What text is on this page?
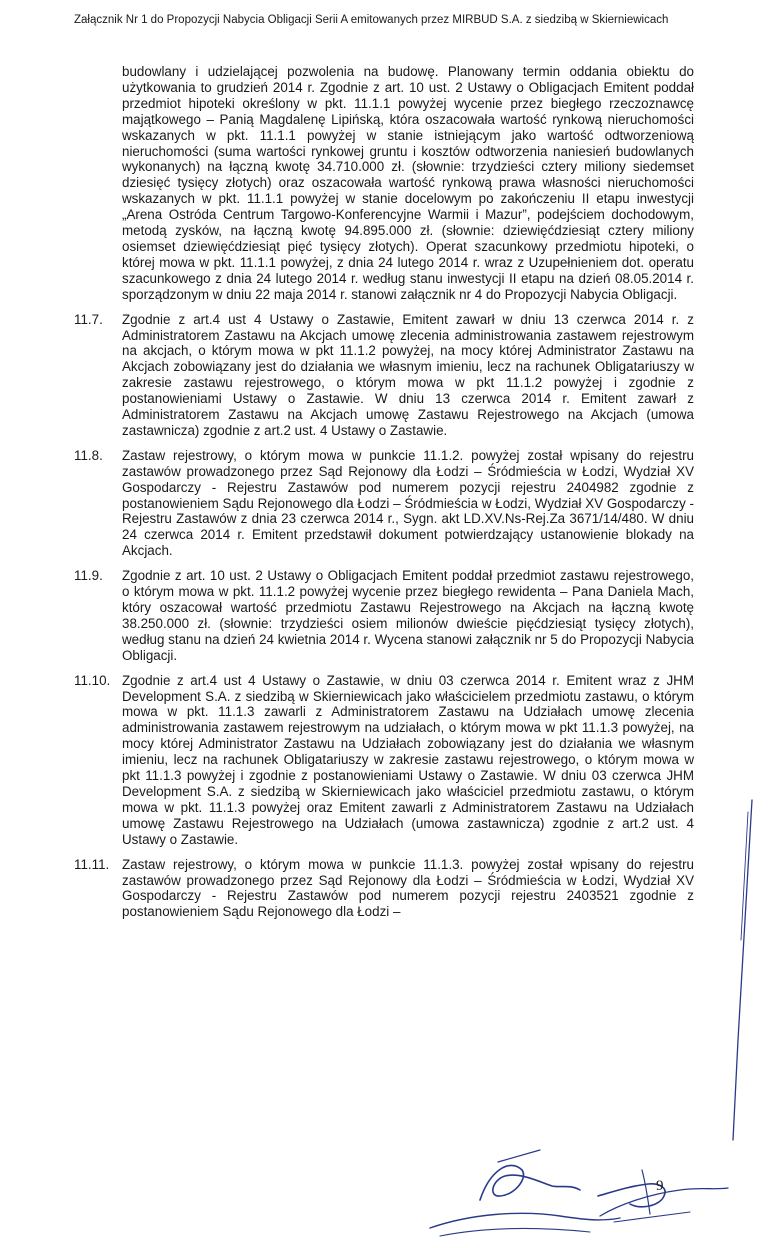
Załącznik Nr 1 do Propozycji Nabycia Obligacji Serii A emitowanych przez MIRBUD S.A. z siedzibą w Skierniewicach
budowlany i udzielającej pozwolenia na budowę. Planowany termin oddania obiektu do użytkowania to grudzień 2014 r. Zgodnie z art. 10 ust. 2 Ustawy o Obligacjach Emitent poddał przedmiot hipoteki określony w pkt. 11.1.1 powyżej wycenie przez biegłego rzeczoznawcę majątkowego – Panią Magdalenę Lipińską, która oszacowała wartość rynkową nieruchomości wskazanych w pkt. 11.1.1 powyżej w stanie istniejącym jako wartość odtworzeniową nieruchomości (suma wartości rynkowej gruntu i kosztów odtworzenia naniesień budowlanych wykonanych) na łączną kwotę 34.710.000 zł. (słownie: trzydzieści cztery miliony siedemset dziesięć tysięcy złotych) oraz oszacowała wartość rynkową prawa własności nieruchomości wskazanych w pkt. 11.1.1 powyżej w stanie docelowym po zakończeniu II etapu inwestycji „Arena Ostróda Centrum Targowo-Konferencyjne Warmii i Mazur”, podejściem dochodowym, metodą zysków, na łączną kwotę 94.895.000 zł. (słownie: dziewięćdziesiąt cztery miliony osiemset dziewięćdziesiąt pięć tysięcy złotych). Operat szacunkowy przedmiotu hipoteki, o której mowa w pkt. 11.1.1 powyżej, z dnia 24 lutego 2014 r. wraz z Uzupełnieniem dot. operatu szacunkowego z dnia 24 lutego 2014 r. według stanu inwestycji II etapu na dzień 08.05.2014 r. sporządzonym w dniu 22 maja 2014 r. stanowi załącznik nr 4 do Propozycji Nabycia Obligacji.
11.7.	Zgodnie z art.4 ust 4 Ustawy o Zastawie, Emitent zawarł w dniu 13 czerwca 2014 r. z Administratorem Zastawu na Akcjach umowę zlecenia administrowania zastawem rejestrowym na akcjach, o którym mowa w pkt 11.1.2 powyżej, na mocy której Administrator Zastawu na Akcjach zobowiązany jest do działania we własnym imieniu, lecz na rachunek Obligatariuszy w zakresie zastawu rejestrowego, o którym mowa w pkt 11.1.2 powyżej i zgodnie z postanowieniami Ustawy o Zastawie. W dniu 13 czerwca 2014 r. Emitent zawarł z Administratorem Zastawu na Akcjach umowę Zastawu Rejestrowego na Akcjach (umowa zastawnicza) zgodnie z art.2 ust. 4 Ustawy o Zastawie.
11.8.	Zastaw rejestrowy, o którym mowa w punkcie 11.1.2. powyżej został wpisany do rejestru zastawów prowadzonego przez Sąd Rejonowy dla Łodzi – Śródmieścia w Łodzi, Wydział XV Gospodarczy - Rejestru Zastawów pod numerem pozycji rejestru 2404982 zgodnie z postanowieniem Sądu Rejonowego dla Łodzi – Śródmieścia w Łodzi, Wydział XV Gospodarczy - Rejestru Zastawów z dnia 23 czerwca 2014 r., Sygn. akt LD.XV.Ns-Rej.Za 3671/14/480. W dniu 24 czerwca 2014 r. Emitent przedstawił dokument potwierdzający ustanowienie blokady na Akcjach.
11.9.	Zgodnie z art. 10 ust. 2 Ustawy o Obligacjach Emitent poddał przedmiot zastawu rejestrowego, o którym mowa w pkt. 11.1.2 powyżej wycenie przez biegłego rewidenta – Pana Daniela Mach, który oszacował wartość przedmiotu Zastawu Rejestrowego na Akcjach na łączną kwotę 38.250.000 zł. (słownie: trzydzieści osiem milionów dwieście pięćdziesiąt tysięcy złotych), według stanu na dzień 24 kwietnia 2014 r. Wycena stanowi załącznik nr 5 do Propozycji Nabycia Obligacji.
11.10. Zgodnie z art.4 ust 4 Ustawy o Zastawie, w dniu 03 czerwca 2014 r. Emitent wraz z JHM Development S.A. z siedzibą w Skierniewicach jako właścicielem przedmiotu zastawu, o którym mowa w pkt. 11.1.3 zawarli z Administratorem Zastawu na Udziałach umowę zlecenia administrowania zastawem rejestrowym na udziałach, o którym mowa w pkt 11.1.3 powyżej, na mocy której Administrator Zastawu na Udziałach zobowiązany jest do działania we własnym imieniu, lecz na rachunek Obligatariuszy w zakresie zastawu rejestrowego, o którym mowa w pkt 11.1.3 powyżej i zgodnie z postanowieniami Ustawy o Zastawie. W dniu 03 czerwca JHM Development S.A. z siedzibą w Skierniewicach jako właściciel przedmiotu zastawu, o którym mowa w pkt. 11.1.3 powyżej oraz Emitent zawarli z Administratorem Zastawu na Udziałach umowę Zastawu Rejestrowego na Udziałach (umowa zastawnicza) zgodnie z art.2 ust. 4 Ustawy o Zastawie.
11.11. Zastaw rejestrowy, o którym mowa w punkcie 11.1.3. powyżej został wpisany do rejestru zastawów prowadzonego przez Sąd Rejonowy dla Łodzi – Śródmieścia w Łodzi, Wydział XV Gospodarczy - Rejestru Zastawów pod numerem pozycji rejestru 2403521 zgodnie z postanowieniem Sądu Rejonowego dla Łodzi –
9
